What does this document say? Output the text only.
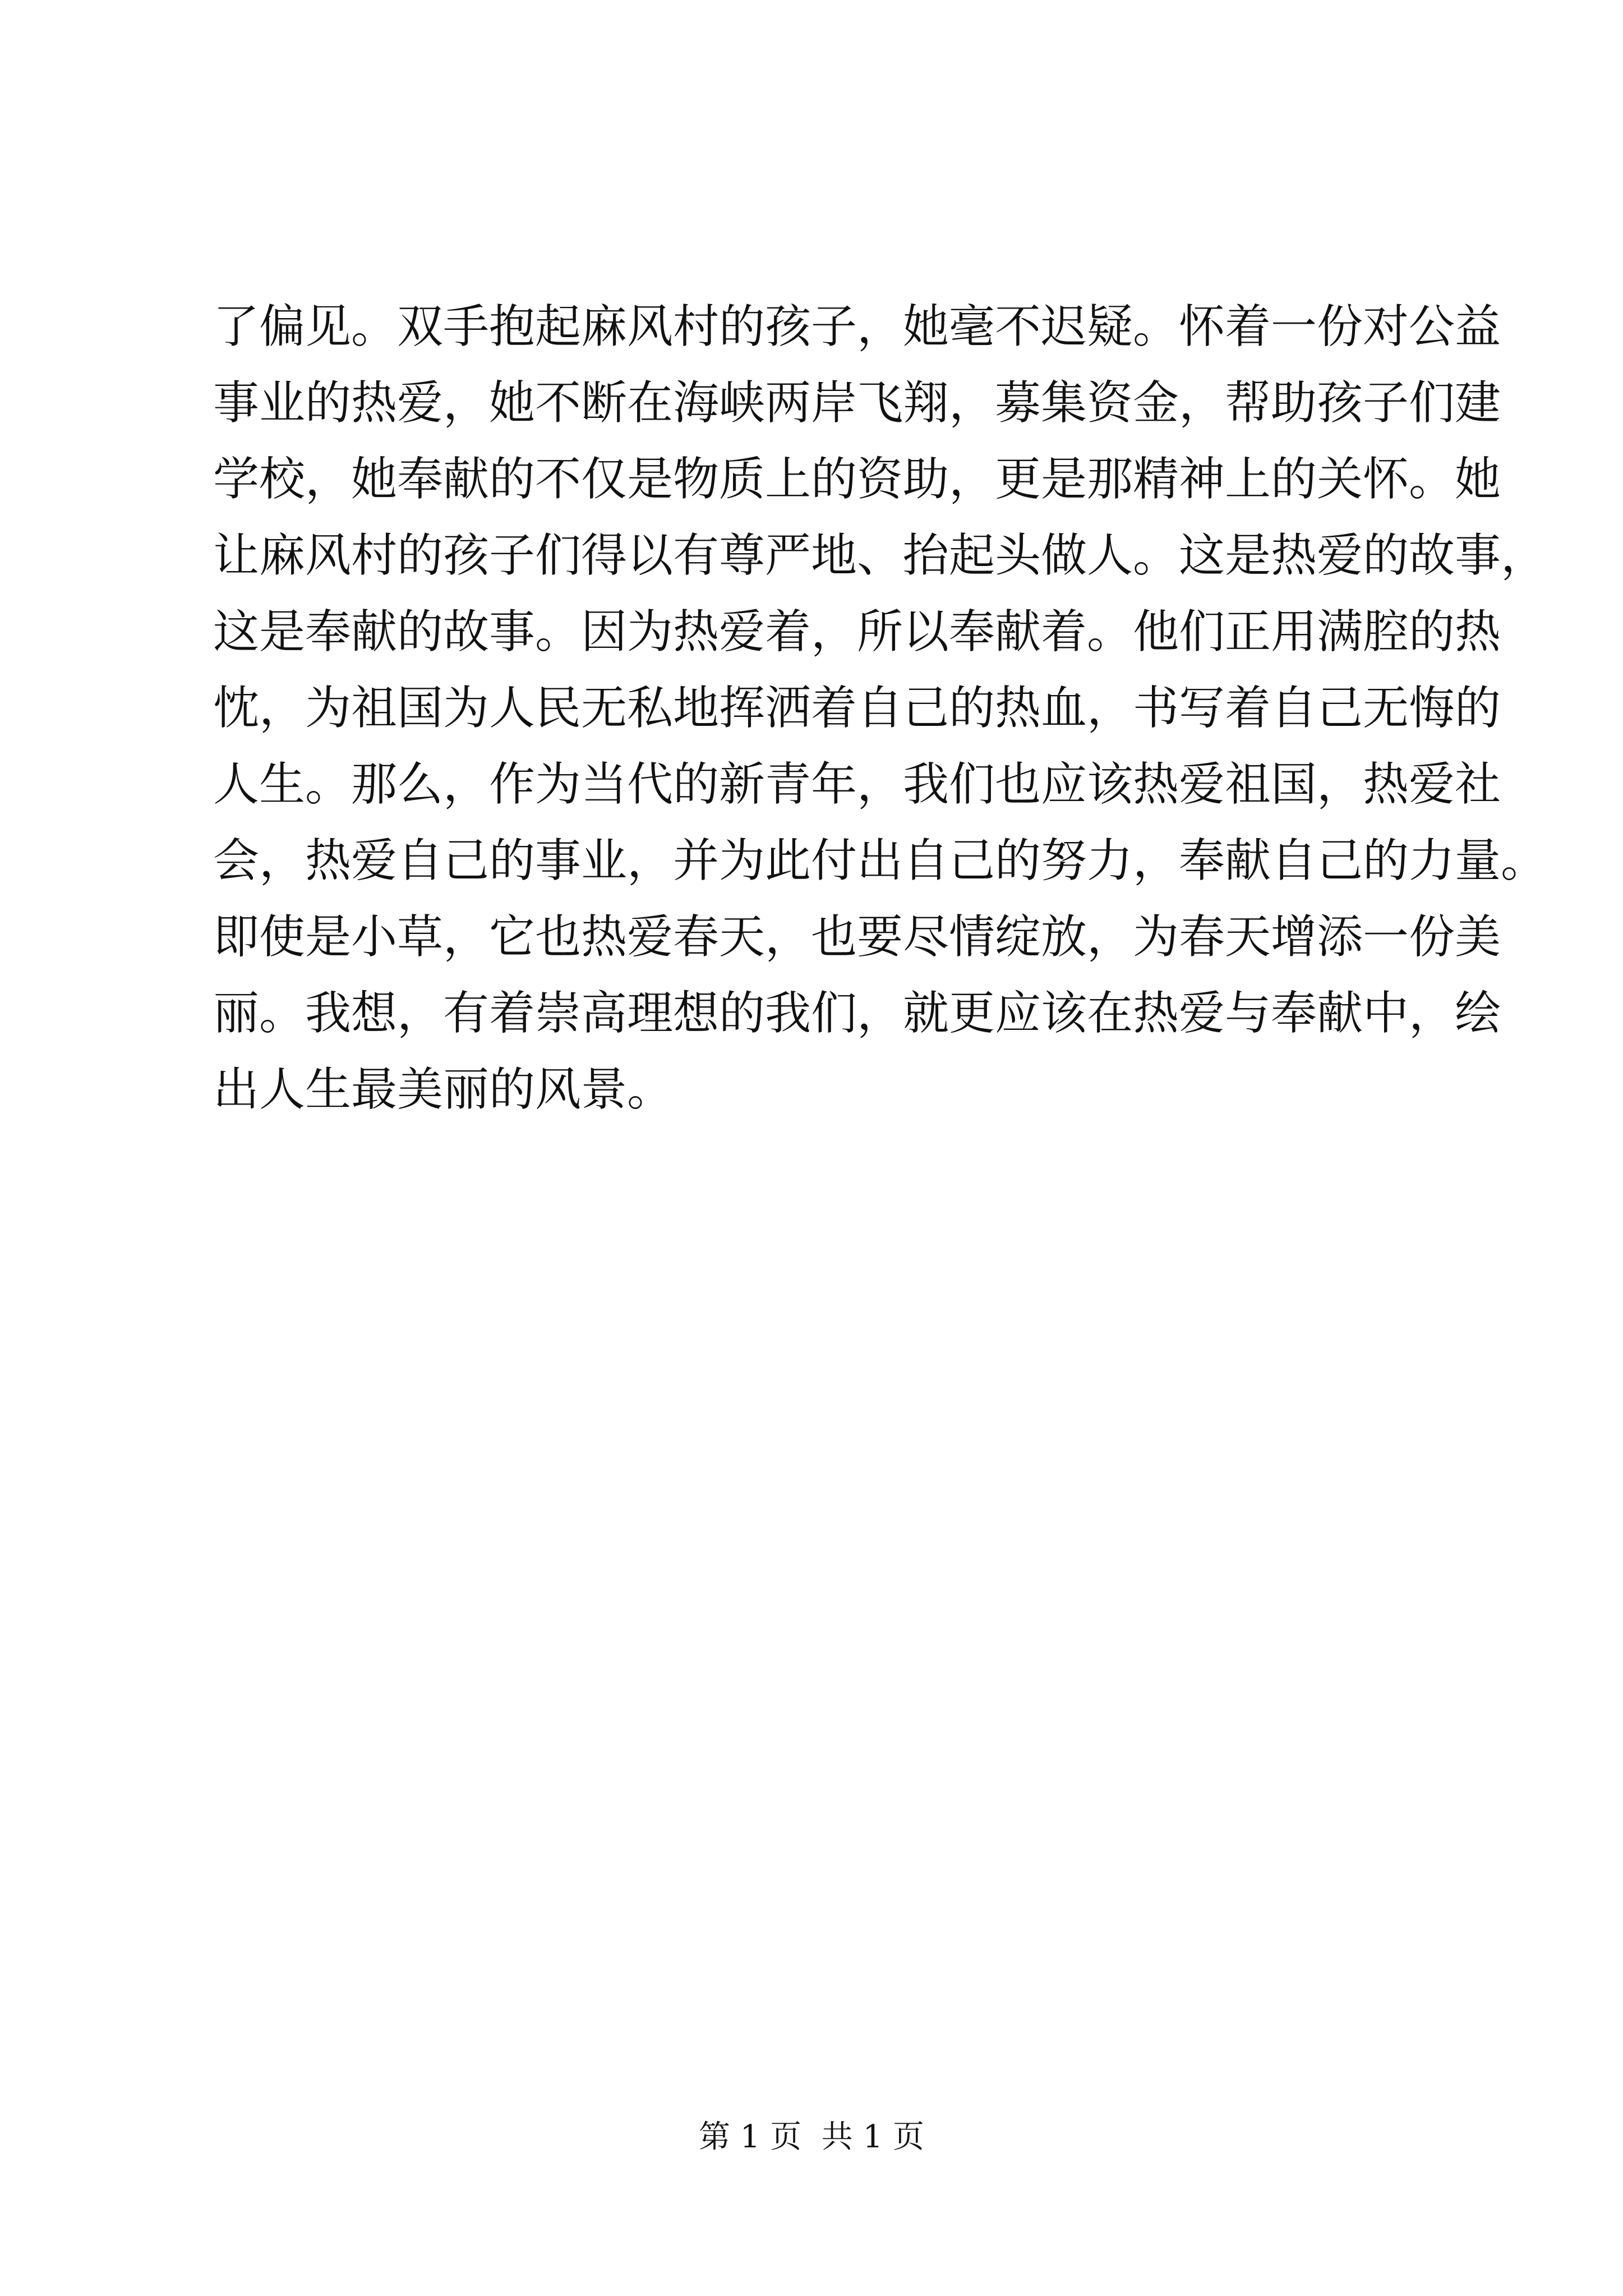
了偏见。双手抱起麻风村的孩子，她毫不迟疑。怀着一份对公益
事业的热爱，她不断在海峡两岸飞翔，募集资金，帮助孩子们建
学校，她奉献的不仅是物质上的资助，更是那精神上的关怀。她
让麻风村的孩子们得以有尊严地、抬起头做人。这是热爱的故事，
这是奉献的故事。因为热爱着，所以奉献着。他们正用满腔的热
忱，为祖国为人民无私地挥洒着自己的热血，书写着自己无悔的
人生。那么，作为当代的新青年，我们也应该热爱祖国，热爱社
会，热爱自己的事业，并为此付出自己的努力，奉献自己的力量。
即使是小草，它也热爱春天，也要尽情绽放，为春天增添一份美
丽。我想，有着崇高理想的我们，就更应该在热爱与奉献中，绘
出人生最美丽的风景。
第 1 页  共 1 页
